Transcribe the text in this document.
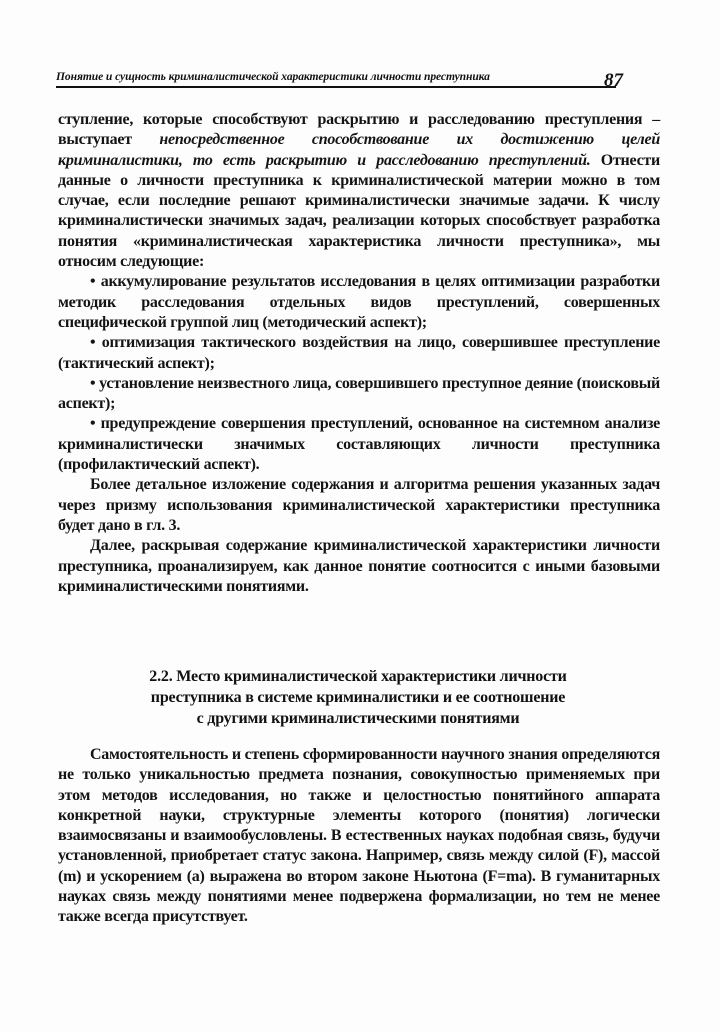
Понятие и сущность криминалистической характеристики личности преступника	87

ступление, которые способствуют раскрытию и расследованию преступления – выступает непосредственное способствование их достижению целей криминалистики, то есть раскрытию и расследованию преступлений. Отнести данные о личности преступника к криминалистической материи можно в том случае, если последние решают криминалистически значимые задачи. К числу криминалистически значимых задач, реализации которых способствует разработка понятия «криминалистическая характеристика личности преступника», мы относим следующие:

• аккумулирование результатов исследования в целях оптимизации разработки методик расследования отдельных видов преступлений, совершенных специфической группой лиц (методический аспект);

• оптимизация тактического воздействия на лицо, совершившее преступление (тактический аспект);

• установление неизвестного лица, совершившего преступное деяние (поисковый аспект);

• предупреждение совершения преступлений, основанное на системном анализе криминалистически значимых составляющих личности преступника (профилактический аспект).

Более детальное изложение содержания и алгоритма решения указанных задач через призму использования криминалистической характеристики преступника будет дано в гл. 3.

Далее, раскрывая содержание криминалистической характеристики личности преступника, проанализируем, как данное понятие соотносится с иными базовыми криминалистическими понятиями.

2.2. Место криминалистической характеристики личности
преступника в системе криминалистики и ее соотношение
с другими криминалистическими понятиями

Самостоятельность и степень сформированности научного знания определяются не только уникальностью предмета познания, совокупностью применяемых при этом методов исследования, но также и целостностью понятийного аппарата конкретной науки, структурные элементы которого (понятия) логически взаимосвязаны и взаимообусловлены. В естественных науках подобная связь, будучи установленной, приобретает статус закона. Например, связь между силой (F), массой (m) и ускорением (a) выражена во втором законе Ньютона (F=ma). В гуманитарных науках связь между понятиями менее подвержена формализации, но тем не менее также всегда присутствует.
